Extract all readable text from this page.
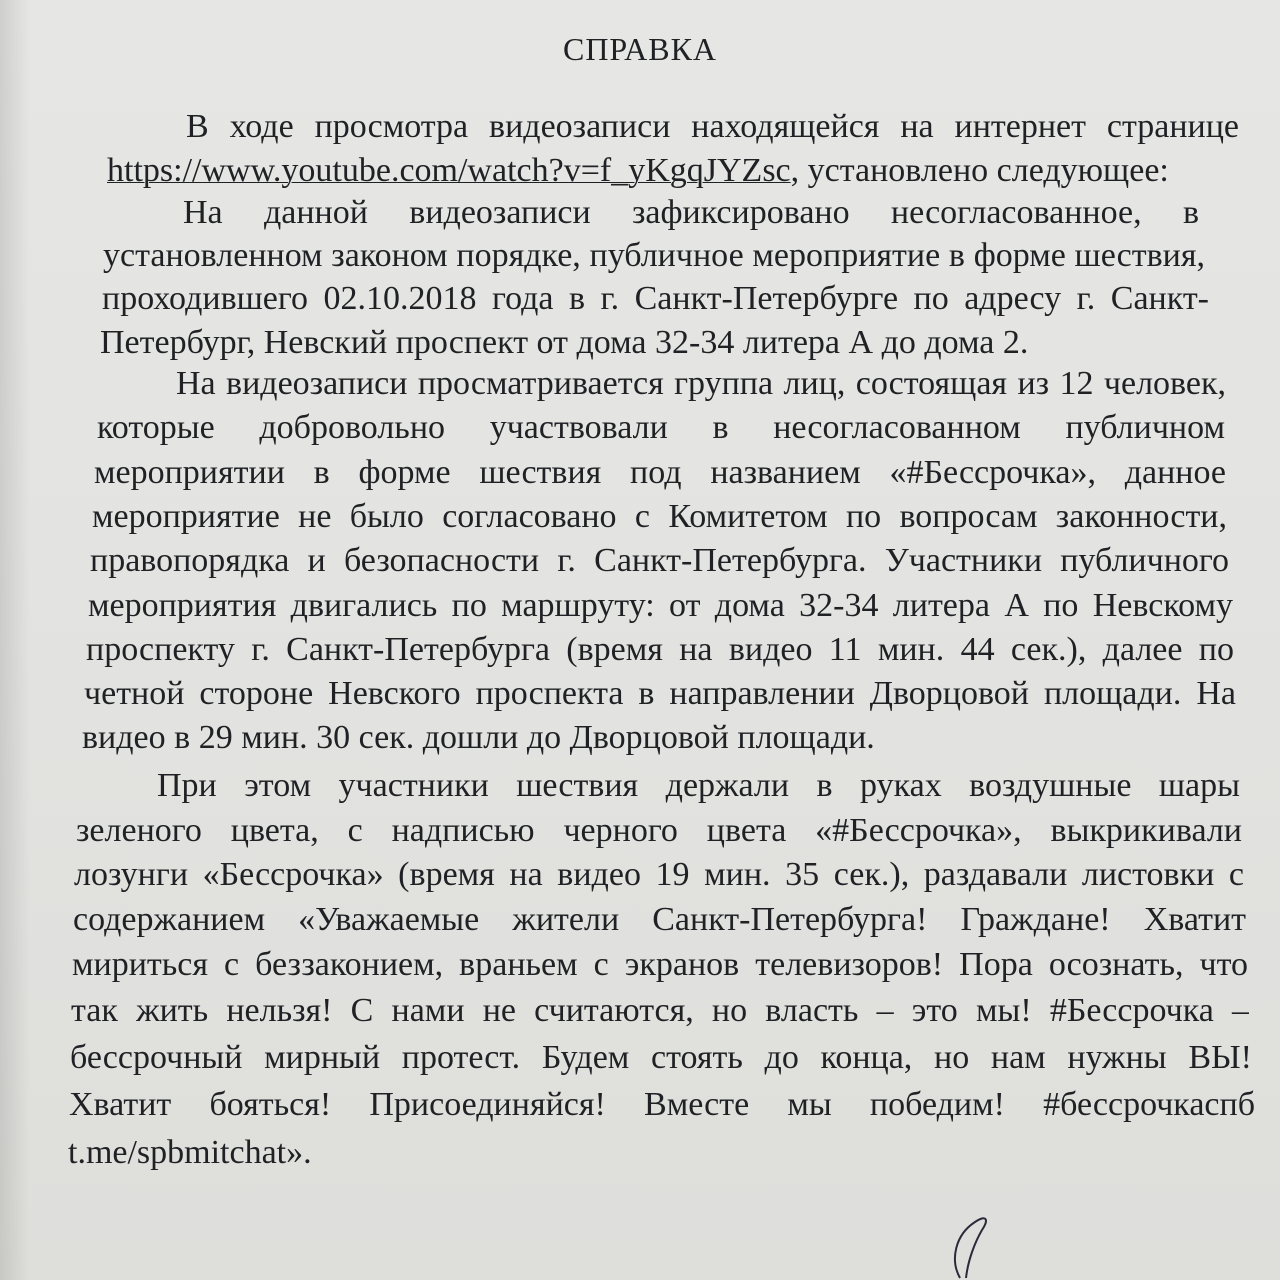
СПРАВКА
В ходе просмотра видеозаписи находящейся на интернет странице
https://www.youtube.com/watch?v=f_yKgqJYZsc, установлено следующее:
На данной видеозаписи зафиксировано несогласованное, в
установленном законом порядке, публичное мероприятие в форме шествия,
проходившего 02.10.2018 года в г. Санкт-Петербурге по адресу г. Санкт-
Петербург, Невский проспект от дома 32-34 литера А до дома 2.
На видеозаписи просматривается группа лиц, состоящая из 12 человек,
которые добровольно участвовали в несогласованном публичном
мероприятии в форме шествия под названием «#Бессрочка», данное
мероприятие не было согласовано с Комитетом по вопросам законности,
правопорядка и безопасности г. Санкт-Петербурга. Участники публичного
мероприятия двигались по маршруту: от дома 32-34 литера А по Невскому
проспекту г. Санкт-Петербурга (время на видео 11 мин. 44 сек.), далее по
четной стороне Невского проспекта в направлении Дворцовой площади. На
видео в 29 мин. 30 сек. дошли до Дворцовой площади.
При этом участники шествия держали в руках воздушные шары
зеленого цвета, с надписью черного цвета «#Бессрочка», выкрикивали
лозунги «Бессрочка» (время на видео 19 мин. 35 сек.), раздавали листовки с
содержанием «Уважаемые жители Санкт-Петербурга! Граждане! Хватит
мириться с беззаконием, враньем с экранов телевизоров! Пора осознать, что
так жить нельзя! С нами не считаются, но власть – это мы! #Бессрочка –
бессрочный мирный протест. Будем стоять до конца, но нам нужны ВЫ!
Хватит бояться! Присоединяйся! Вместе мы победим! #бессрочкаспб
t.me/spbmitchat».
